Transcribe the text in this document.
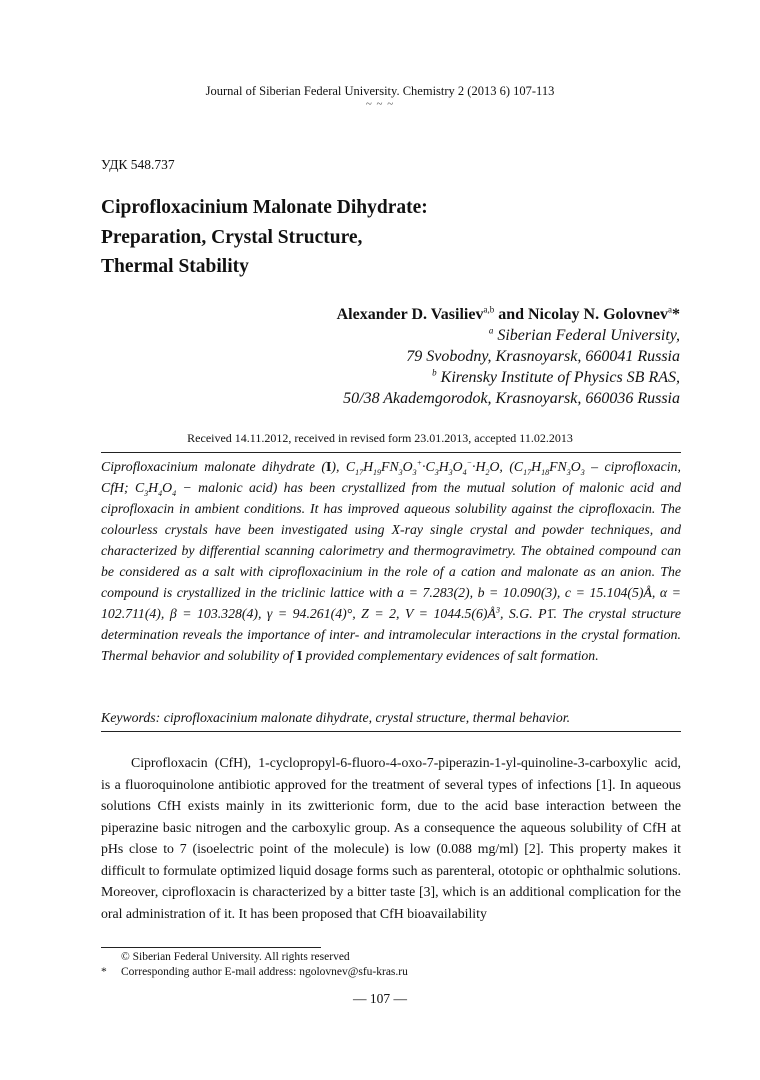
Journal of Siberian Federal University. Chemistry 2 (2013 6) 107-113
~ ~ ~
УДК 548.737
Ciprofloxacinium Malonate Dihydrate:
Preparation, Crystal Structure,
Thermal Stability
Alexander D. Vasiliev$^{a,b}$ and Nicolay N. Golovnev$^a$*
$^a$ Siberian Federal University,
79 Svobodny, Krasnoyarsk, 660041 Russia
$^b$ Kirensky Institute of Physics SB RAS,
50/38 Akademgorodok, Krasnoyarsk, 660036 Russia
Received 14.11.2012, received in revised form 23.01.2013, accepted 11.02.2013
Ciprofloxacinium malonate dihydrate (I), $C_{17}H_{19}FN_3O_3^+\cdot C_3H_3O_4^-\cdot H_2O$, ($C_{17}H_{18}FN_3O_3$ – ciprofloxacin, CfH; $C_3H_4O_4$ − malonic acid) has been crystallized from the mutual solution of malonic acid and ciprofloxacin in ambient conditions. It has improved aqueous solubility against the ciprofloxacin. The colourless crystals have been investigated using X-ray single crystal and powder techniques, and characterized by differential scanning calorimetry and thermogravimetry. The obtained compound can be considered as a salt with ciprofloxacinium in the role of a cation and malonate as an anion. The compound is crystallized in the triclinic lattice with a = 7.283(2), b = 10.090(3), c = 15.104(5)Å, α = 102.711(4), β = 103.328(4), γ = 94.261(4)°, Z = 2, $V = 1044.5(6)Å^3$, S.G. P1̄. The crystal structure determination reveals the importance of inter- and intramolecular interactions in the crystal formation. Thermal behavior and solubility of I provided complementary evidences of salt formation.
Keywords: ciprofloxacinium malonate dihydrate, crystal structure, thermal behavior.
Ciprofloxacin (CfH), 1-cyclopropyl-6-fluoro-4-oxo-7-piperazin-1-yl-quinoline-3-carboxylic acid, is a fluoroquinolone antibiotic approved for the treatment of several types of infections [1]. In aqueous solutions CfH exists mainly in its zwitterionic form, due to the acid base interaction between the piperazine basic nitrogen and the carboxylic group. As a consequence the aqueous solubility of CfH at pHs close to 7 (isoelectric point of the molecule) is low (0.088 mg/ml) [2]. This property makes it difficult to formulate optimized liquid dosage forms such as parenteral, ototopic or ophthalmic solutions. Moreover, ciprofloxacin is characterized by a bitter taste [3], which is an additional complication for the oral administration of it. It has been proposed that CfH bioavailability
© Siberian Federal University. All rights reserved
* Corresponding author E-mail address: ngolovnev@sfu-kras.ru
— 107 —
